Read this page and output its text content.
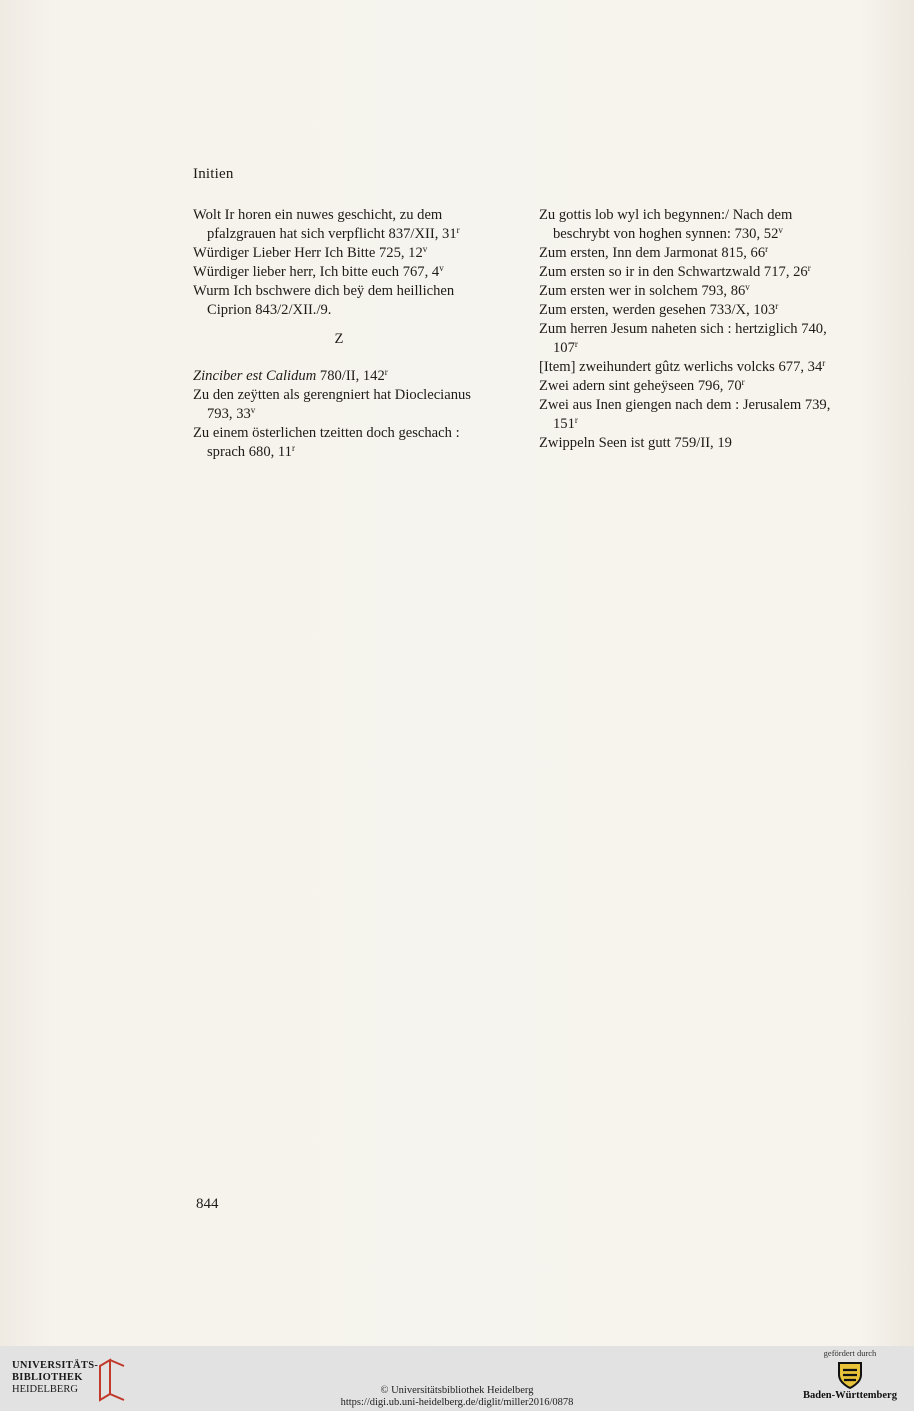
Initien

Wolt Ir horen ein nuwes geschicht, zu dem pfalzgrauen hat sich verpflicht 837/XII, 31$^r$

Würdiger Lieber Herr Ich Bitte 725, 12$^v$

Würdiger lieber herr, Ich bitte euch 767, 4$^v$

Wurm Ich bschwere dich beÿ dem heillichen Ciprion 843/2/XII./9.

Z

Zinciber est Calidum 780/II, 142$^r$

Zu den zeÿtten als gerengniert hat Dioclecianus 793, 33$^v$

Zu einem österlichen tzeitten doch geschach : sprach 680, 11$^r$

Zu gottis lob wyl ich begynnen:/ Nach dem beschrybt von hoghen synnen: 730, 52$^v$

Zum ersten, Inn dem Jarmonat 815, 66$^r$

Zum ersten so ir in den Schwartzwald 717, 26$^r$

Zum ersten wer in solchem 793, 86$^v$

Zum ersten, werden gesehen 733/X, 103$^r$

Zum herren Jesum naheten sich : hertziglich 740, 107$^r$

[Item] zweihundert gûtz werlichs volcks 677, 34$^r$

Zwei adern sint geheÿseen 796, 70$^r$

Zwei aus Inen giengen nach dem : Jerusalem 739, 151$^r$

Zwippeln Seen ist gutt 759/II, 19

844
UNIVERSITÄTS-
BIBLIOTHEK
HEIDELBERG	© Universitätsbibliothek Heidelberg
https://digi.ub.uni-heidelberg.de/diglit/miller2016/0878
gefördert durch
Baden-Württemberg
